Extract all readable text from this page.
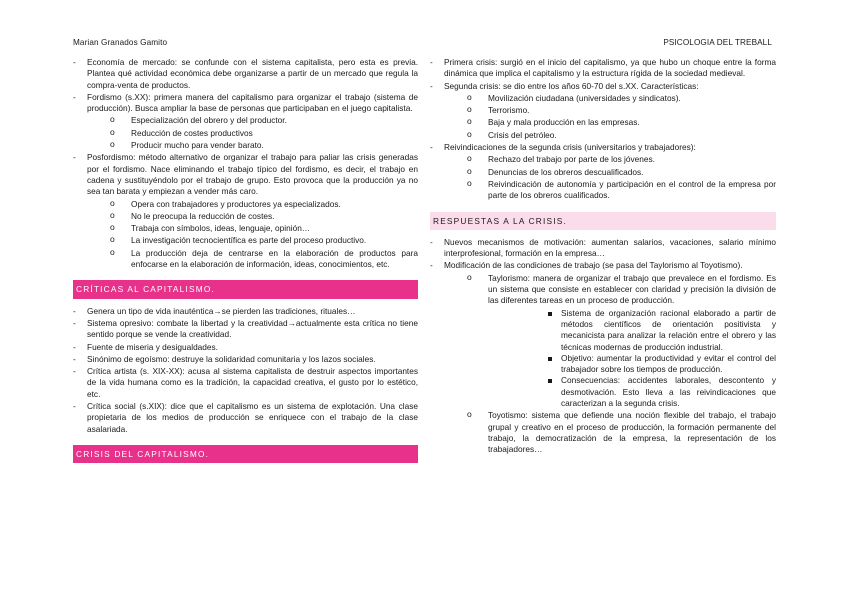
Marian Granados Gamito	PSICOLOGIA DEL TREBALL
- Economía de mercado: se confunde con el sistema capitalista, pero esta es previa. Plantea qué actividad económica debe organizarse a partir de un mercado que regula la compra-venta de productos.
- Fordismo (s.XX): primera manera del capitalismo para organizar el trabajo (sistema de producción). Busca ampliar la base de personas que participaban en el juego capitalista.
o Especialización del obrero y del productor.
o Reducción de costes productivos
o Producir mucho para vender barato.
- Posfordismo: método alternativo de organizar el trabajo para paliar las crisis generadas por el fordismo. Nace eliminando el trabajo típico del fordismo, es decir, el trabajo en cadena y sustituyéndolo por el trabajo de grupo. Esto provoca que la producción ya no sea tan barata y empiezan a vender más caro.
o Opera con trabajadores y productores ya especializados.
o No le preocupa la reducción de costes.
o Trabaja con símbolos, ideas, lenguaje, opinión…
o La investigación tecnocientífica es parte del proceso productivo.
o La producción deja de centrarse en la elaboración de productos para enfocarse en la elaboración de información, ideas, conocimientos, etc.
CRÍTICAS AL CAPITALISMO.
- Genera un tipo de vida inauténtica→se pierden las tradiciones, rituales…
- Sistema opresivo: combate la libertad y la creatividad→actualmente esta crítica no tiene sentido porque se vende la creatividad.
- Fuente de miseria y desigualdades.
- Sinónimo de egoísmo: destruye la solidaridad comunitaria y los lazos sociales.
- Crítica artista (s. XIX-XX): acusa al sistema capitalista de destruir aspectos importantes de la vida humana como es la tradición, la capacidad creativa, el gusto por lo estético, etc.
- Crítica social (s.XIX): dice que el capitalismo es un sistema de explotación. Una clase propietaria de los medios de producción se enriquece con el trabajo de la clase asalariada.
CRISIS DEL CAPITALISMO.
- Primera crisis: surgió en el inicio del capitalismo, ya que hubo un choque entre la forma dinámica que implica el capitalismo y la estructura rígida de la sociedad medieval.
- Segunda crisis: se dio entre los años 60-70 del s.XX. Características:
o Movilización ciudadana (universidades y sindicatos).
o Terrorismo.
o Baja y mala producción en las empresas.
o Crisis del petróleo.
- Reivindicaciones de la segunda crisis (universitarios y trabajadores):
o Rechazo del trabajo por parte de los jóvenes.
o Denuncias de los obreros descualificados.
o Reivindicación de autonomía y participación en el control de la empresa por parte de los obreros cualificados.
RESPUESTAS A LA CRISIS.
- Nuevos mecanismos de motivación: aumentan salarios, vacaciones, salario mínimo interprofesional, formación en la empresa…
- Modificación de las condiciones de trabajo (se pasa del Taylorismo al Toyotismo).
o Taylorismo: manera de organizar el trabajo que prevalece en el fordismo. Es un sistema que consiste en establecer con claridad y precisión la división de las diferentes tareas en un proceso de producción.
Sistema de organización racional elaborado a partir de métodos científicos de orientación positivista y mecanicista para analizar la relación entre el obrero y las técnicas modernas de producción industrial.
Objetivo: aumentar la productividad y evitar el control del trabajador sobre los tiempos de producción.
Consecuencias: accidentes laborales, descontento y desmotivación. Esto lleva a las reivindicaciones que caracterizan a la segunda crisis.
o Toyotismo: sistema que defiende una noción flexible del trabajo, el trabajo grupal y creativo en el proceso de producción, la formación permanente del trabajo, la democratización de la empresa, la representación de los trabajadores…
